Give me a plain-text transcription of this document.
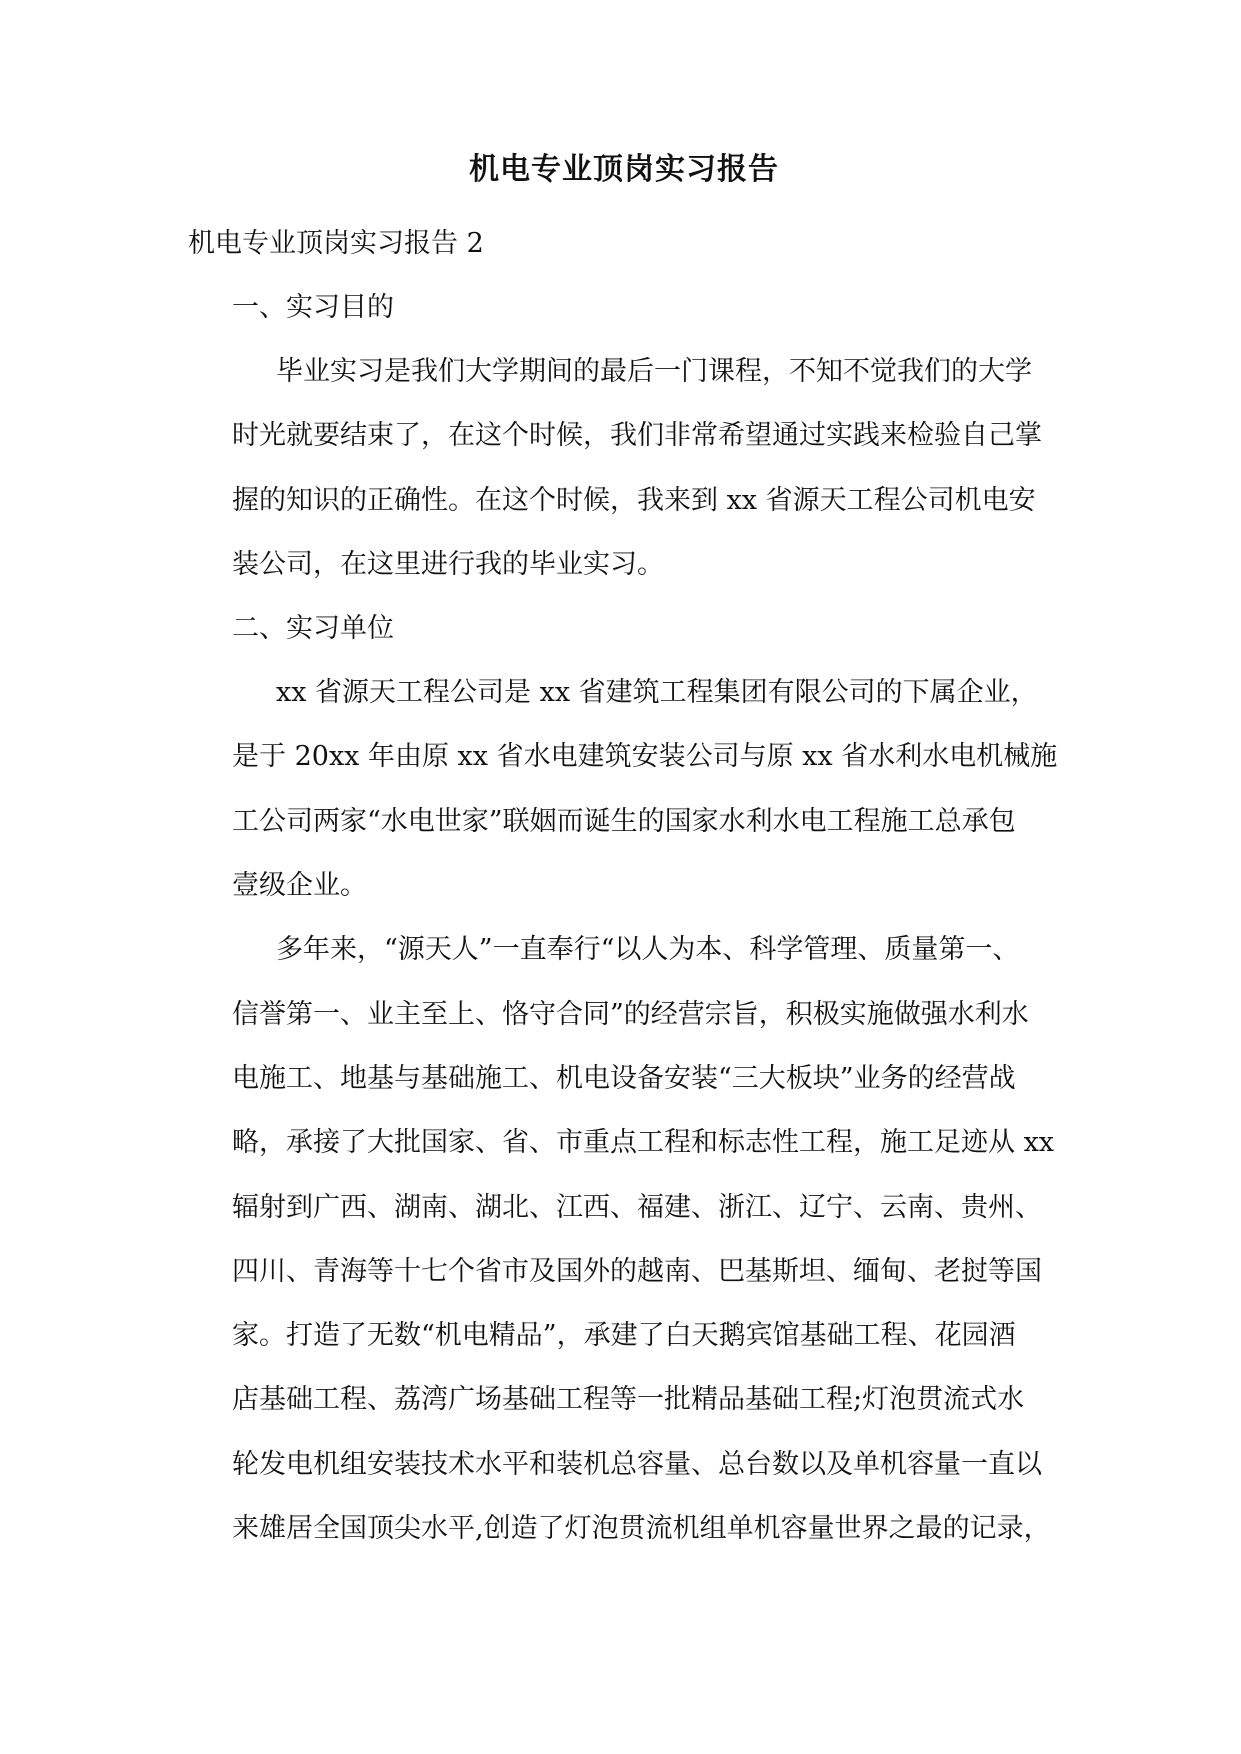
机电专业顶岗实习报告

机电专业顶岗实习报告 2

一、实习目的

毕业实习是我们大学期间的最后一门课程，不知不觉我们的大学
时光就要结束了，在这个时候，我们非常希望通过实践来检验自己掌
握的知识的正确性。在这个时候，我来到 xx 省源天工程公司机电安
装公司，在这里进行我的毕业实习。

二、实习单位

xx 省源天工程公司是 xx 省建筑工程集团有限公司的下属企业，
是于 20xx 年由原 xx 省水电建筑安装公司与原 xx 省水利水电机械施
工公司两家“水电世家”联姻而诞生的国家水利水电工程施工总承包
壹级企业。
多年来，“源天人”一直奉行“以人为本、科学管理、质量第一、
信誉第一、业主至上、恪守合同”的经营宗旨，积极实施做强水利水
电施工、地基与基础施工、机电设备安装“三大板块”业务的经营战
略，承接了大批国家、省、市重点工程和标志性工程，施工足迹从 xx
辐射到广西、湖南、湖北、江西、福建、浙江、辽宁、云南、贵州、
四川、青海等十七个省市及国外的越南、巴基斯坦、缅甸、老挝等国
家。打造了无数“机电精品”，承建了白天鹅宾馆基础工程、花园酒
店基础工程、荔湾广场基础工程等一批精品基础工程;灯泡贯流式水
轮发电机组安装技术水平和装机总容量、总台数以及单机容量一直以
来雄居全国顶尖水平,创造了灯泡贯流机组单机容量世界之最的记录，
